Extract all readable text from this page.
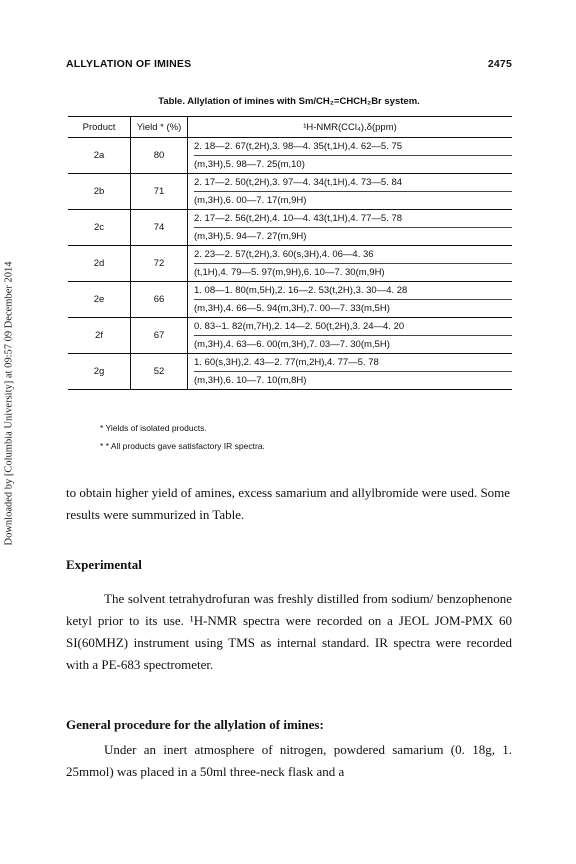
Downloaded by [Columbia University] at 09:57 09 December 2014
ALLYLATION OF IMINES	2475
Table. Allylation of imines with Sm/CH₂=CHCH₂Br system.
Product	Yield * (%)	¹H-NMR(CCl₄),δ(ppm)
2a	80	2. 18—2. 67(t,2H),3. 98—4. 35(t,1H),4. 62—5. 75
(m,3H),5. 98—7. 25(m,10)

2b	71	2. 17—2. 50(t,2H),3. 97—4. 34(t,1H),4. 73—5. 84
(m,3H),6. 00—7. 17(m,9H)

2c	74	2. 17—2. 56(t,2H),4. 10—4. 43(t,1H),4. 77—5. 78
(m,3H),5. 94—7. 27(m,9H)

2d	72	2. 23—2. 57(t,2H),3. 60(s,3H),4. 06—4. 36
(t,1H),4. 79—5. 97(m,9H),6. 10—7. 30(m,9H)

2e	66	1. 08—1. 80(m,5H),2. 16—2. 53(t,2H),3. 30—4. 28
(m,3H),4. 66—5. 94(m,3H),7. 00—7. 33(m,5H)

2f	67	0. 83--1. 82(m,7H),2. 14—2. 50(t,2H),3. 24—4. 20
(m,3H),4. 63—6. 00(m,3H),7. 03—7. 30(m,5H)

2g	52	1. 60(s,3H),2. 43—2. 77(m,2H),4. 77—5. 78
(m,3H),6. 10—7. 10(m,8H)
* Yields of isolated products.
* * All products gave satisfactory IR spectra.

to obtain higher yield of amines, excess samarium and allylbromide were used. Some results were summurized in Table.

Experimental

The solvent tetrahydrofuran was freshly distilled from sodium/ benzophenone ketyl prior to its use. ¹H-NMR spectra were recorded on a JEOL JOM-PMX 60 SI(60MHZ) instrument using TMS as internal standard. IR spectra were recorded with a PE-683 spectrometer.

General procedure for the allylation of imines:

Under an inert atmosphere of nitrogen, powdered samarium (0. 18g, 1. 25mmol) was placed in a 50ml three-neck flask and a
